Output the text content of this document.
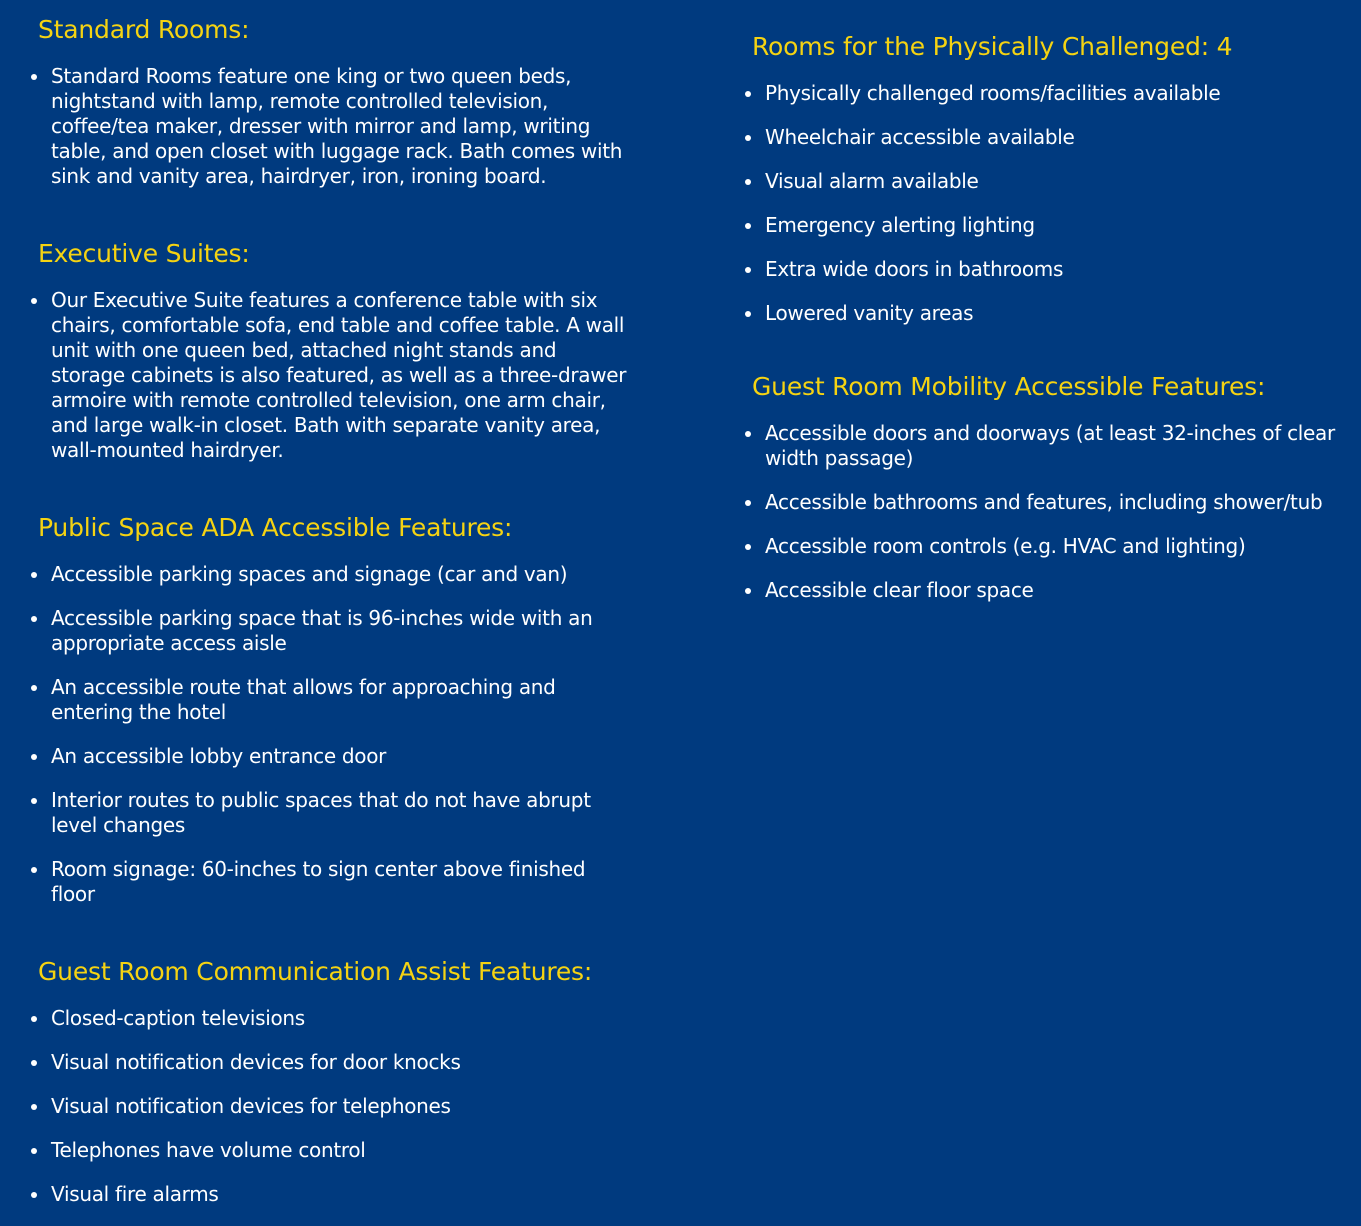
Standard Rooms:
Standard Rooms feature one king or two queen beds, nightstand with lamp, remote controlled television, coffee/tea maker, dresser with mirror and lamp, writing table, and open closet with luggage rack. Bath comes with sink and vanity area, hairdryer, iron, ironing board.
Executive Suites:
Our Executive Suite features a conference table with six chairs, comfortable sofa, end table and coffee table. A wall unit with one queen bed, attached night stands and storage cabinets is also featured, as well as a three-drawer armoire with remote controlled television, one arm chair, and large walk-in closet. Bath with separate vanity area, wall-mounted hairdryer.
Public Space ADA Accessible Features:
Accessible parking spaces and signage (car and van)
Accessible parking space that is 96-inches wide with an appropriate access aisle
An accessible route that allows for approaching and entering the hotel
An accessible lobby entrance door
Interior routes to public spaces that do not have abrupt level changes
Room signage: 60-inches to sign center above finished floor
Guest Room Communication Assist Features:
Closed-caption televisions
Visual notification devices for door knocks
Visual notification devices for telephones
Telephones have volume control
Visual fire alarms
Rooms for the Physically Challenged: 4
Physically challenged rooms/facilities available
Wheelchair accessible available
Visual alarm available
Emergency alerting lighting
Extra wide doors in bathrooms
Lowered vanity areas
Guest Room Mobility Accessible Features:
Accessible doors and doorways (at least 32-inches of clear width passage)
Accessible bathrooms and features, including shower/tub
Accessible room controls (e.g. HVAC and lighting)
Accessible clear floor space
